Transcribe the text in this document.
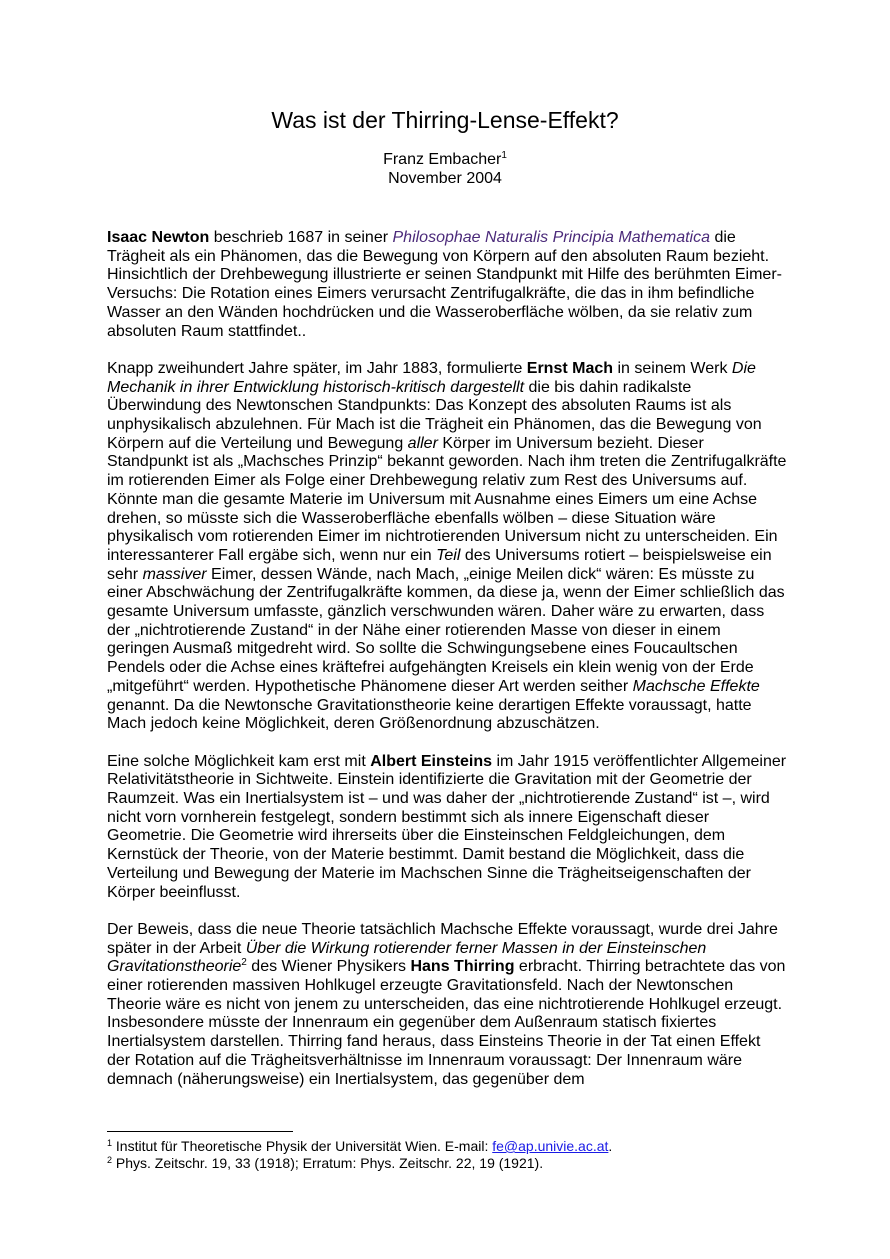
Was ist der Thirring-Lense-Effekt?
Franz Embacher$^1$
November 2004

Isaac Newton beschrieb 1687 in seiner Philosophae Naturalis Principia Mathematica die Trägheit als ein Phänomen, das die Bewegung von Körpern auf den absoluten Raum bezieht. Hinsichtlich der Drehbewegung illustrierte er seinen Standpunkt mit Hilfe des berühmten Eimer-Versuchs: Die Rotation eines Eimers verursacht Zentrifugalkräfte, die das in ihm befindliche Wasser an den Wänden hochdrücken und die Wasseroberfläche wölben, da sie relativ zum absoluten Raum stattfindet..

Knapp zweihundert Jahre später, im Jahr 1883, formulierte Ernst Mach in seinem Werk Die Mechanik in ihrer Entwicklung historisch-kritisch dargestellt die bis dahin radikalste Überwindung des Newtonschen Standpunkts: Das Konzept des absoluten Raums ist als unphysikalisch abzulehnen. Für Mach ist die Trägheit ein Phänomen, das die Bewegung von Körpern auf die Verteilung und Bewegung aller Körper im Universum bezieht. Dieser Standpunkt ist als „Machsches Prinzip“ bekannt geworden. Nach ihm treten die Zentrifugalkräfte im rotierenden Eimer als Folge einer Drehbewegung relativ zum Rest des Universums auf. Könnte man die gesamte Materie im Universum mit Ausnahme eines Eimers um eine Achse drehen, so müsste sich die Wasseroberfläche ebenfalls wölben – diese Situation wäre physikalisch vom rotierenden Eimer im nichtrotierenden Universum nicht zu unterscheiden. Ein interessanterer Fall ergäbe sich, wenn nur ein Teil des Universums rotiert – beispielsweise ein sehr massiver Eimer, dessen Wände, nach Mach, „einige Meilen dick“ wären: Es müsste zu einer Abschwächung der Zentrifugalkräfte kommen, da diese ja, wenn der Eimer schließlich das gesamte Universum umfasste, gänzlich verschwunden wären. Daher wäre zu erwarten, dass der „nichtrotierende Zustand“ in der Nähe einer rotierenden Masse von dieser in einem geringen Ausmaß mitgedreht wird. So sollte die Schwingungsebene eines Foucaultschen Pendels oder die Achse eines kräftefrei aufgehängten Kreisels ein klein wenig von der Erde „mitgeführt“ werden. Hypothetische Phänomene dieser Art werden seither Machsche Effekte genannt. Da die Newtonsche Gravitationstheorie keine derartigen Effekte voraussagt, hatte Mach jedoch keine Möglichkeit, deren Größenordnung abzuschätzen.

Eine solche Möglichkeit kam erst mit Albert Einsteins im Jahr 1915 veröffentlichter Allgemeiner Relativitätstheorie in Sichtweite. Einstein identifizierte die Gravitation mit der Geometrie der Raumzeit. Was ein Inertialsystem ist – und was daher der „nichtrotierende Zustand“ ist –, wird nicht vorn vornherein festgelegt, sondern bestimmt sich als innere Eigenschaft dieser Geometrie. Die Geometrie wird ihrerseits über die Einsteinschen Feldgleichungen, dem Kernstück der Theorie, von der Materie bestimmt. Damit bestand die Möglichkeit, dass die Verteilung und Bewegung der Materie im Machschen Sinne die Trägheitseigenschaften der Körper beeinflusst.

Der Beweis, dass die neue Theorie tatsächlich Machsche Effekte voraussagt, wurde drei Jahre später in der Arbeit Über die Wirkung rotierender ferner Massen in der Einsteinschen Gravitationstheorie$^2$ des Wiener Physikers Hans Thirring erbracht. Thirring betrachtete das von einer rotierenden massiven Hohlkugel erzeugte Gravitationsfeld. Nach der Newtonschen Theorie wäre es nicht von jenem zu unterscheiden, das eine nichtrotierende Hohlkugel erzeugt. Insbesondere müsste der Innenraum ein gegenüber dem Außenraum statisch fixiertes Inertialsystem darstellen. Thirring fand heraus, dass Einsteins Theorie in der Tat einen Effekt der Rotation auf die Trägheitsverhältnisse im Innenraum voraussagt: Der Innenraum wäre demnach (näherungsweise) ein Inertialsystem, das gegenüber dem

$^1$ Institut für Theoretische Physik der Universität Wien. E-mail: fe@ap.univie.ac.at.
$^2$ Phys. Zeitschr. 19, 33 (1918); Erratum: Phys. Zeitschr. 22, 19 (1921).
